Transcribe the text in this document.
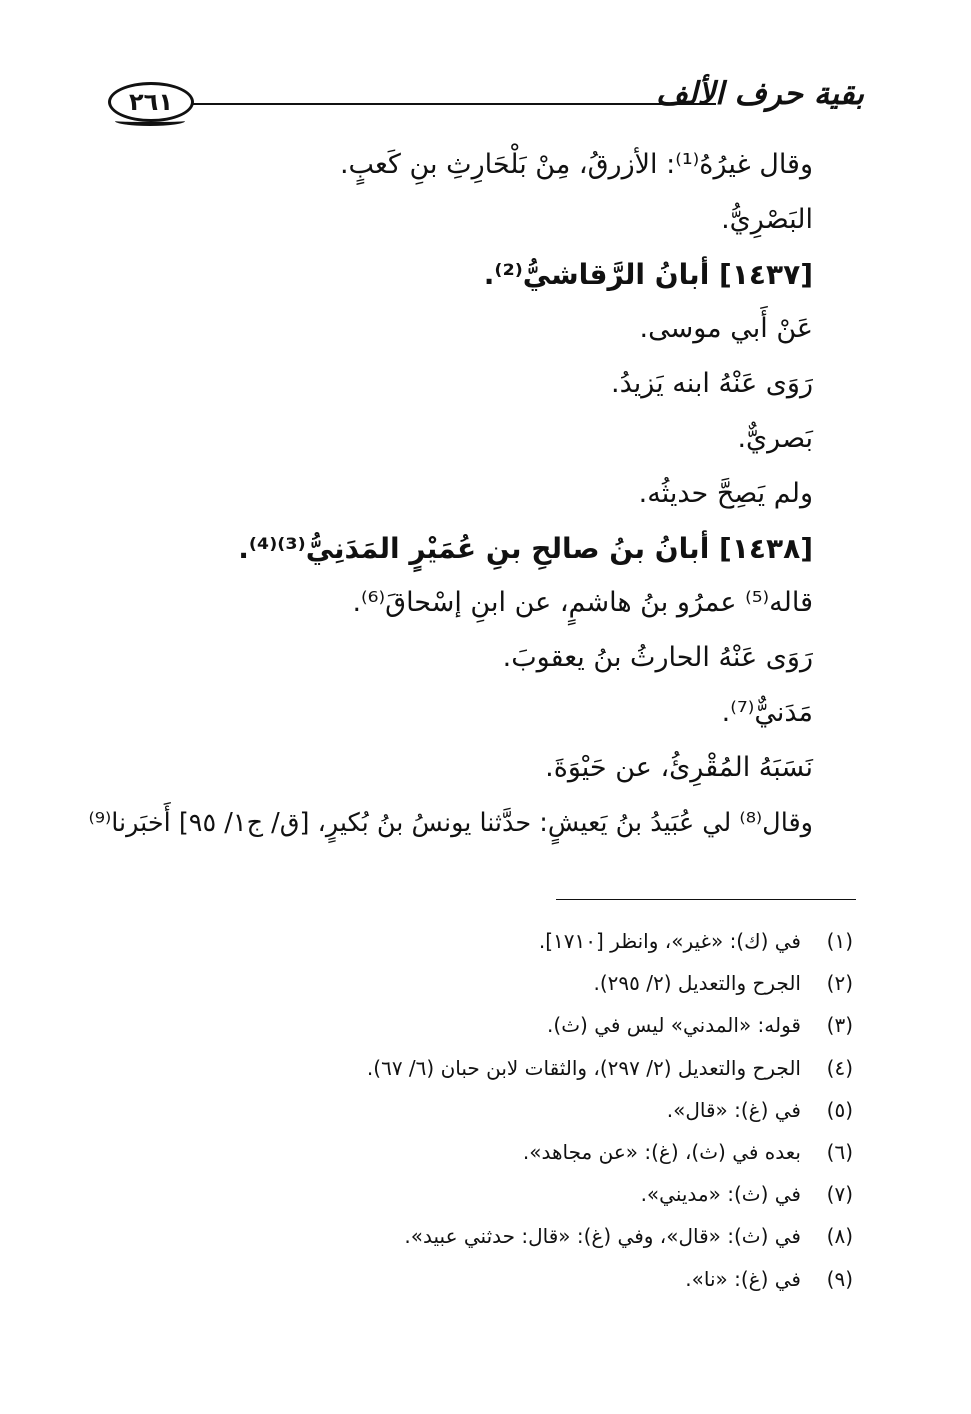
٢٦١	بقية حرف الألف
وقال غيرُهُ⁽¹⁾: الأزرقُ، مِنْ بَلْحَارِثِ بنِ كَعبٍ.
البَصْرِيُّ.
[١٤٣٧] أبانُ الرَّقاشيُّ⁽²⁾.
عَنْ أَبي موسى.
رَوَى عَنْهُ ابنه يَزيدُ.
بَصريٌّ.
ولم يَصِحَّ حديثُه.
[١٤٣٨] أبانُ بنُ صالحِ بنِ عُمَيْرٍ المَدَنِيُّ⁽³⁾⁽⁴⁾.
قاله⁽⁵⁾ عمرُو بنُ هاشمٍ، عن ابنِ إسْحاقَ⁽⁶⁾.
رَوَى عَنْهُ الحارثُ بنُ يعقوبَ.
مَدَنيٌّ⁽⁷⁾.
نَسَبَهُ المُقْرِئُ، عن حَيْوَةَ.
وقال⁽⁸⁾ لي عُبَيدُ بنُ يَعيشٍ: حدَّثنا يونسُ بنُ بُكيرٍ، [ق/ ج١/ ٩٥] أَخبَرنا⁽⁹⁾
(١)في (ك): «غير»، وانظر [١٧١٠].
(٢)الجرح والتعديل (٢/ ٢٩٥).
(٣)قوله: «المدني» ليس في (ث).
(٤)الجرح والتعديل (٢/ ٢٩٧)، والثقات لابن حبان (٦/ ٦٧).
(٥)في (غ): «قال».
(٦)بعده في (ث)، (غ): «عن مجاهد».
(٧)في (ث): «مديني».
(٨)في (ث): «قال»، وفي (غ): «قال: حدثني عبيد».
(٩)في (غ): «نا».
